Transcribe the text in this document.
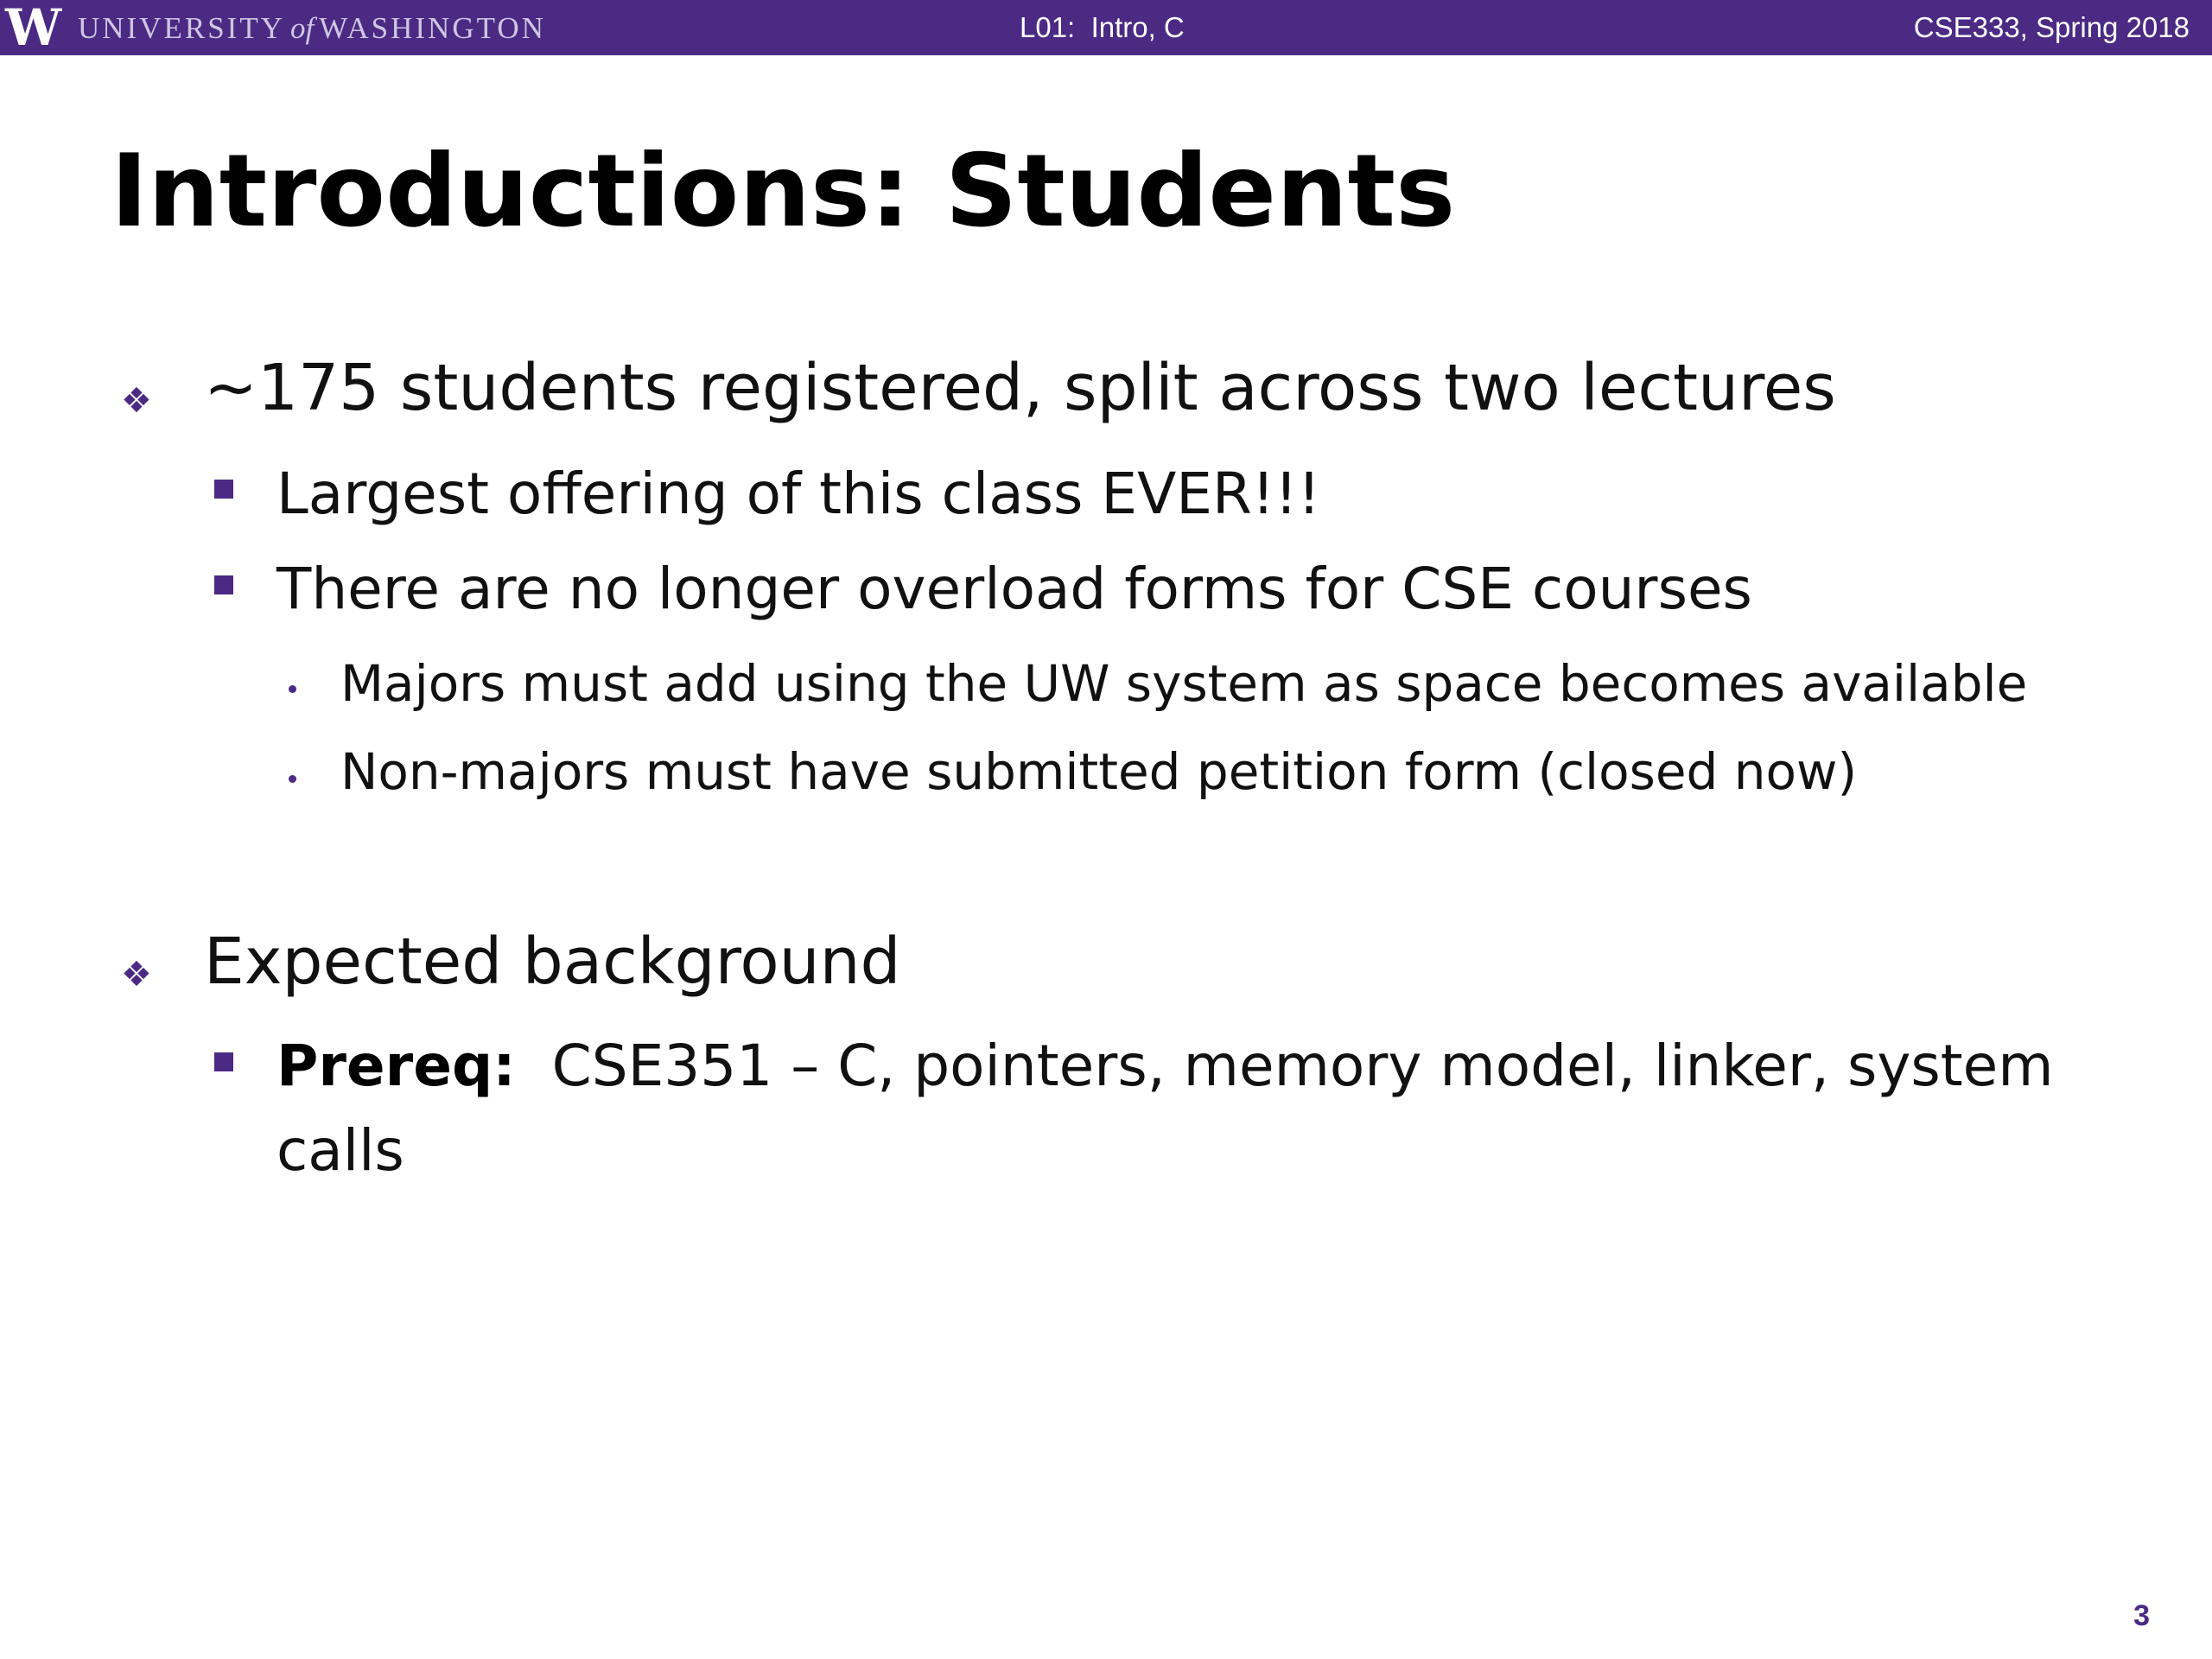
W UNIVERSITY of WASHINGTON	L01:  Intro, C	CSE333, Spring 2018
Introductions: Students
❖ ~175 students registered, split across two lectures
Largest offering of this class EVER!!!
There are no longer overload forms for CSE courses
Majors must add using the UW system as space becomes available
Non-majors must have submitted petition form (closed now)
❖ Expected background
Prereq: CSE351 – C, pointers, memory model, linker, system
calls
3
